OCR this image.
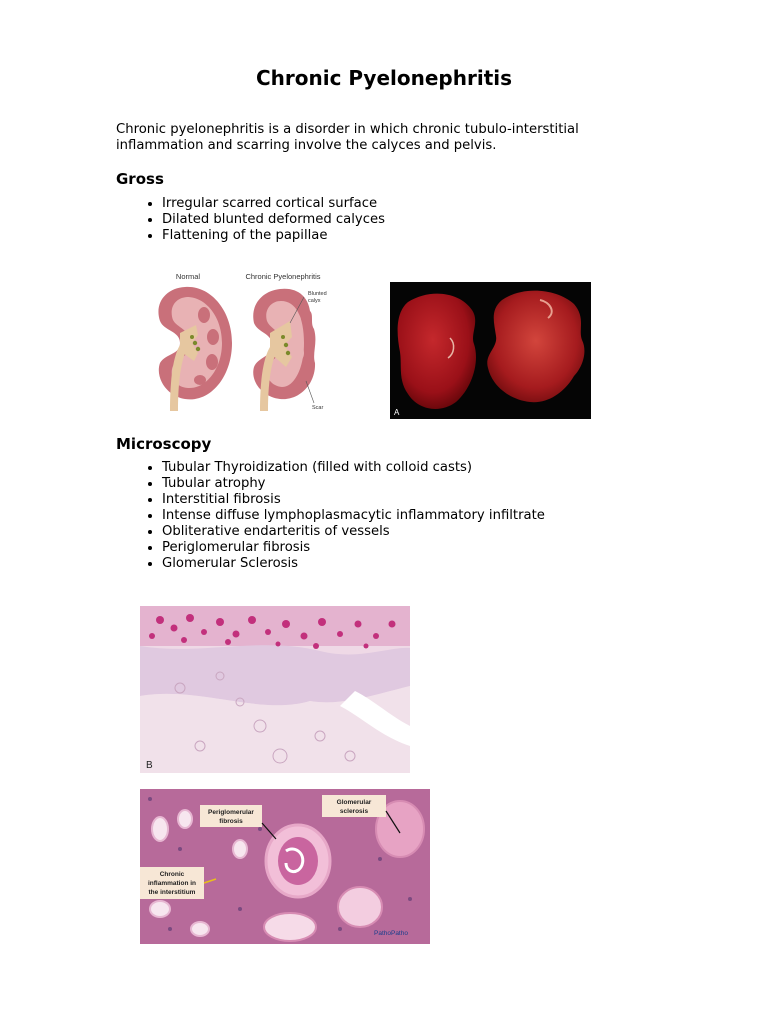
Chronic Pyelonephritis

Chronic pyelonephritis is a disorder in which chronic tubulo-interstitial inflammation and scarring involve the calyces and pelvis.

Gross
• Irregular scarred cortical surface
• Dilated blunted deformed calyces
• Flattening of the papillae
Normal	Chronic Pyelonephritis
Blunted
calyx
Scar	A
Microscopy
• Tubular Thyroidization (filled with colloid casts)
• Tubular atrophy
• Interstitial fibrosis
• Intense diffuse lymphoplasmacytic inflammatory infiltrate
• Obliterative endarteritis of vessels
• Periglomerular fibrosis
• Glomerular Sclerosis
B
Periglomerular
fibrosis
Glomerular
sclerosis
Chronic
inflammation in
the interstitium
PathoPatho
